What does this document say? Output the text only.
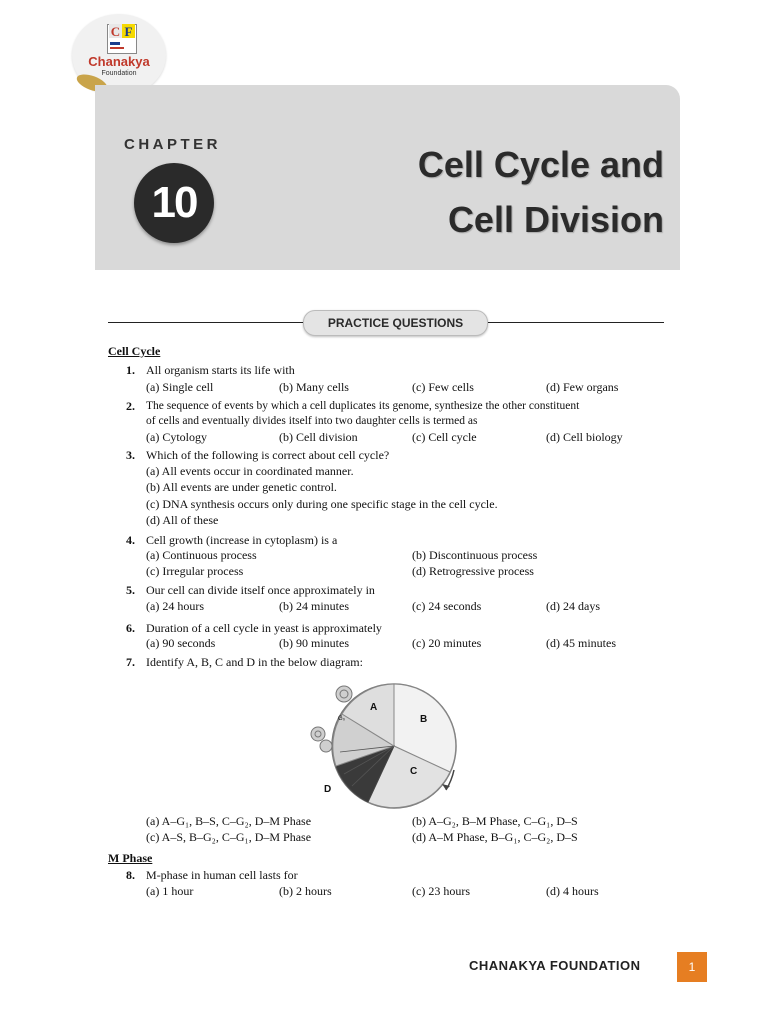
C F
Chanakya
Foundation
CHAPTER
10
Cell Cycle and
Cell Division
PRACTICE QUESTIONS
Cell Cycle
1. All organism starts its life with
(a) Single cell	(b) Many cells	(c) Few cells	(d) Few organs
2. The sequence of events by which a cell duplicates its genome, synthesize the other constituent
of cells and eventually divides itself into two daughter cells is termed as
(a) Cytology	(b) Cell division	(c) Cell cycle	(d) Cell biology
3. Which of the following is correct about cell cycle?
(a) All events occur in coordinated manner.
(b) All events are under genetic control.
(c) DNA synthesis occurs only during one specific stage in the cell cycle.
(d) All of these
4. Cell growth (increase in cytoplasm) is a
(a) Continuous process	(b) Discontinuous process
(c) Irregular process	(d) Retrogressive process
5. Our cell can divide itself once approximately in
(a) 24 hours	(b) 24 minutes	(c) 24 seconds	(d) 24 days
6. Duration of a cell cycle in yeast is approximately
(a) 90 seconds	(b) 90 minutes	(c) 20 minutes	(d) 45 minutes
7. Identify A, B, C and D in the below diagram:
A
B
C
D
G₀
(a) A–G₁, B–S, C–G₂, D–M Phase	(b) A–G₂, B–M Phase, C–G₁, D–S
(c) A–S, B–G₂, C–G₁, D–M Phase	(d) A–M Phase, B–G₁, C–G₂, D–S
M Phase
8. M-phase in human cell lasts for
(a) 1 hour	(b) 2 hours	(c) 23 hours	(d) 4 hours
CHANAKYA FOUNDATION	1
